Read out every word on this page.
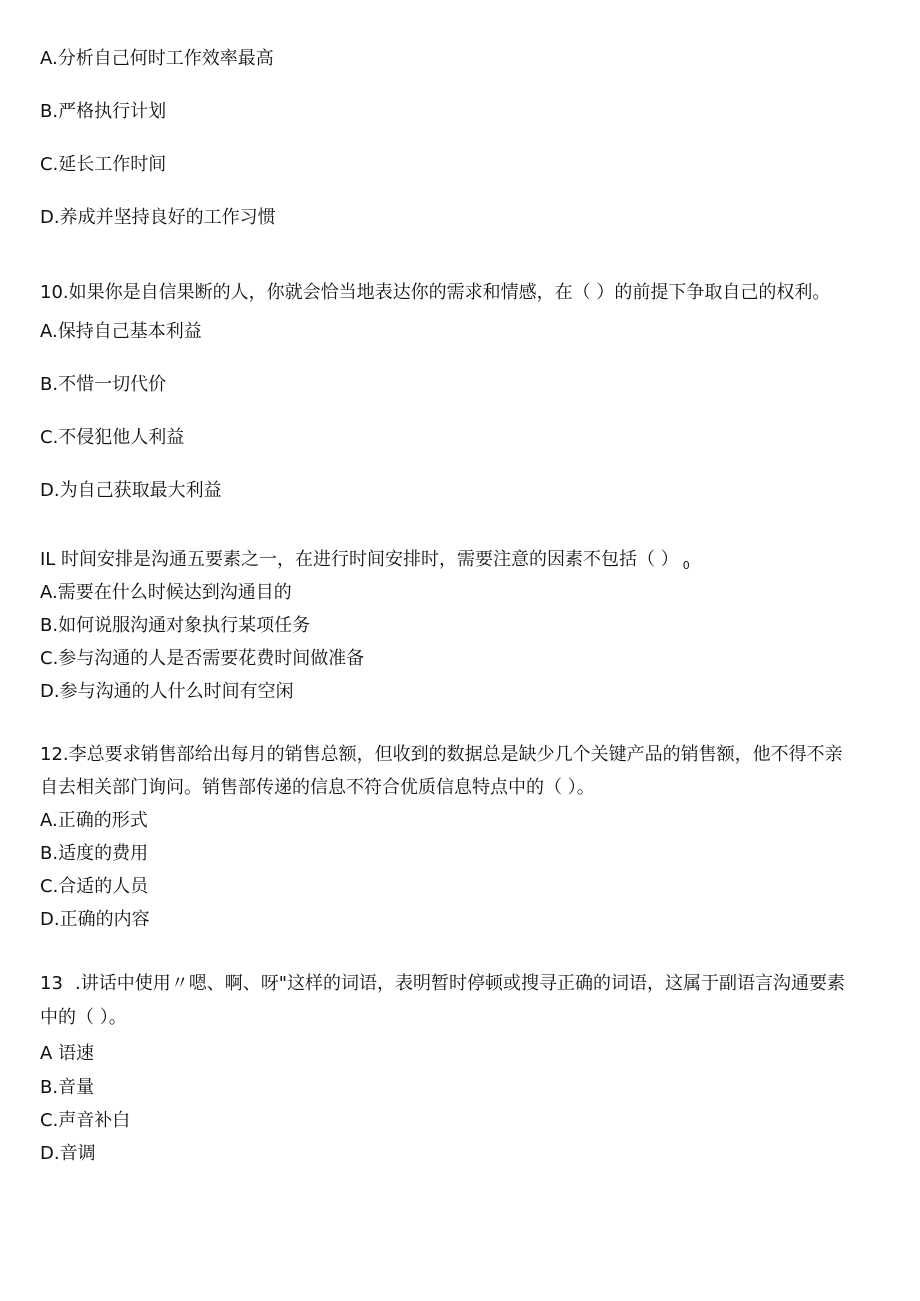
A.分析自己何时工作效率最高
B.严格执行计划
C.延长工作时间
D.养成并坚持良好的工作习惯
10.如果你是自信果断的人，你就会恰当地表达你的需求和情感，在（ ）的前提下争取自己的权利。
A.保持自己基本利益
B.不惜一切代价
C.不侵犯他人利益
D.为自己获取最大利益
IL 时间安排是沟通五要素之一，在进行时间安排时，需要注意的因素不包括（ ） $_0$
A.需要在什么时候达到沟通目的
B.如何说服沟通对象执行某项任务
C.参与沟通的人是否需要花费时间做准备
D.参与沟通的人什么时间有空闲
12.李总要求销售部给出每月的销售总额，但收到的数据总是缺少几个关键产品的销售额，他不得不亲
自去相关部门询问。销售部传递的信息不符合优质信息特点中的（ ）。
A.正确的形式
B.适度的费用
C.合适的人员
D.正确的内容
13 .讲话中使用〃嗯、啊、呀"这样的词语，表明暂时停顿或搜寻正确的词语，这属于副语言沟通要素
中的（ ）。
A 语速
B.音量
C.声音补白
D.音调
